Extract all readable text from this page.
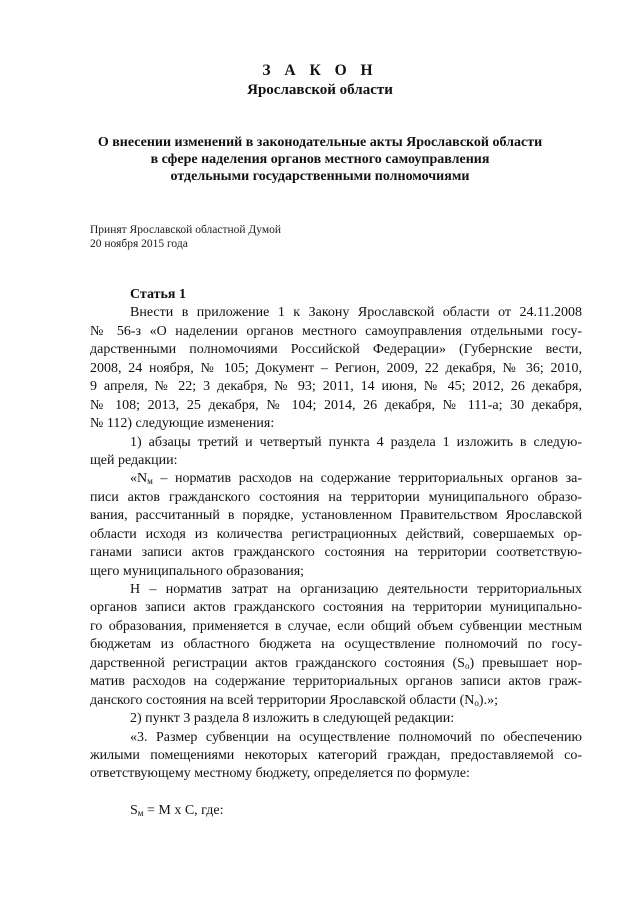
З А К О Н
Ярославской области
О внесении изменений в законодательные акты Ярославской области
в сфере наделения органов местного самоуправления
отдельными государственными полномочиями
Принят Ярославской областной Думой
20 ноября 2015 года
Статья 1
Внести в приложение 1 к Закону Ярославской области от 24.11.2008
№ 56-з «О наделении органов местного самоуправления отдельными госу-
дарственными полномочиями Российской Федерации» (Губернские вести,
2008, 24 ноября, № 105; Документ – Регион, 2009, 22 декабря, № 36; 2010,
9 апреля, № 22; 3 декабря, № 93; 2011, 14 июня, № 45; 2012, 26 декабря,
№ 108; 2013, 25 декабря, № 104; 2014, 26 декабря, № 111-а; 30 декабря,
№ 112) следующие изменения:
1) абзацы третий и четвертый пункта 4 раздела 1 изложить в следую-
щей редакции:
«$N_м$ – норматив расходов на содержание территориальных органов за-
писи актов гражданского состояния на территории муниципального образо-
вания, рассчитанный в порядке, установленном Правительством Ярославской
области исходя из количества регистрационных действий, совершаемых ор-
ганами записи актов гражданского состояния на территории соответствую-
щего муниципального образования;
Н – норматив затрат на организацию деятельности территориальных
органов записи актов гражданского состояния на территории муниципально-
го образования, применяется в случае, если общий объем субвенции местным
бюджетам из областного бюджета на осуществление полномочий по госу-
дарственной регистрации актов гражданского состояния $(S_о)$ превышает нор-
матив расходов на содержание территориальных органов записи актов граж-
данского состояния на всей территории Ярославской области $(N_о)$.»;
2) пункт 3 раздела 8 изложить в следующей редакции:
«3. Размер субвенции на осуществление полномочий по обеспечению
жилыми помещениями некоторых категорий граждан, предоставляемой со-
ответствующему местному бюджету, определяется по формуле:
$S_м = M$ x C, где:
